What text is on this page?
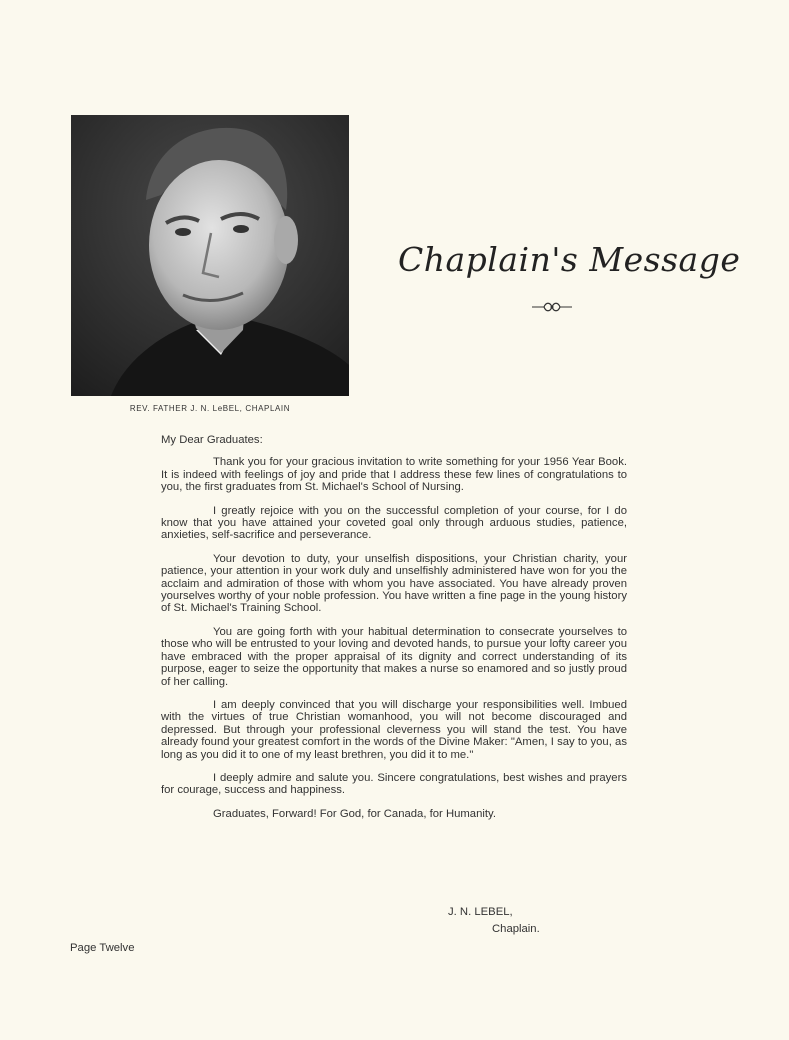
REV. FATHER J. N. LeBEL, CHAPLAIN
Chaplain's Message

My Dear Graduates:

Thank you for your gracious invitation to write something for your 1956 Year Book. It is indeed with feelings of joy and pride that I address these few lines of congratulations to you, the first graduates from St. Michael's School of Nursing.

I greatly rejoice with you on the successful completion of your course, for I do know that you have attained your coveted goal only through arduous studies, patience, anxieties, self-sacrifice and perseverance.

Your devotion to duty, your unselfish dispositions, your Christian charity, your patience, your attention in your work duly and unselfishly administered have won for you the acclaim and admiration of those with whom you have associated. You have already proven yourselves worthy of your noble profession. You have written a fine page in the young history of St. Michael's Training School.

You are going forth with your habitual determination to consecrate yourselves to those who will be entrusted to your loving and devoted hands, to pursue your lofty career you have embraced with the proper appraisal of its dignity and correct understanding of its purpose, eager to seize the opportunity that makes a nurse so enamored and so justly proud of her calling.

I am deeply convinced that you will discharge your responsibilities well. Imbued with the virtues of true Christian womanhood, you will not become discouraged and depressed. But through your professional cleverness you will stand the test. You have already found your greatest comfort in the words of the Divine Maker: "Amen, I say to you, as long as you did it to one of my least brethren, you did it to me."

I deeply admire and salute you. Sincere congratulations, best wishes and prayers for courage, success and happiness.

Graduates, Forward! For God, for Canada, for Humanity.

J. N. LEBEL,
Chaplain.
Page Twelve
